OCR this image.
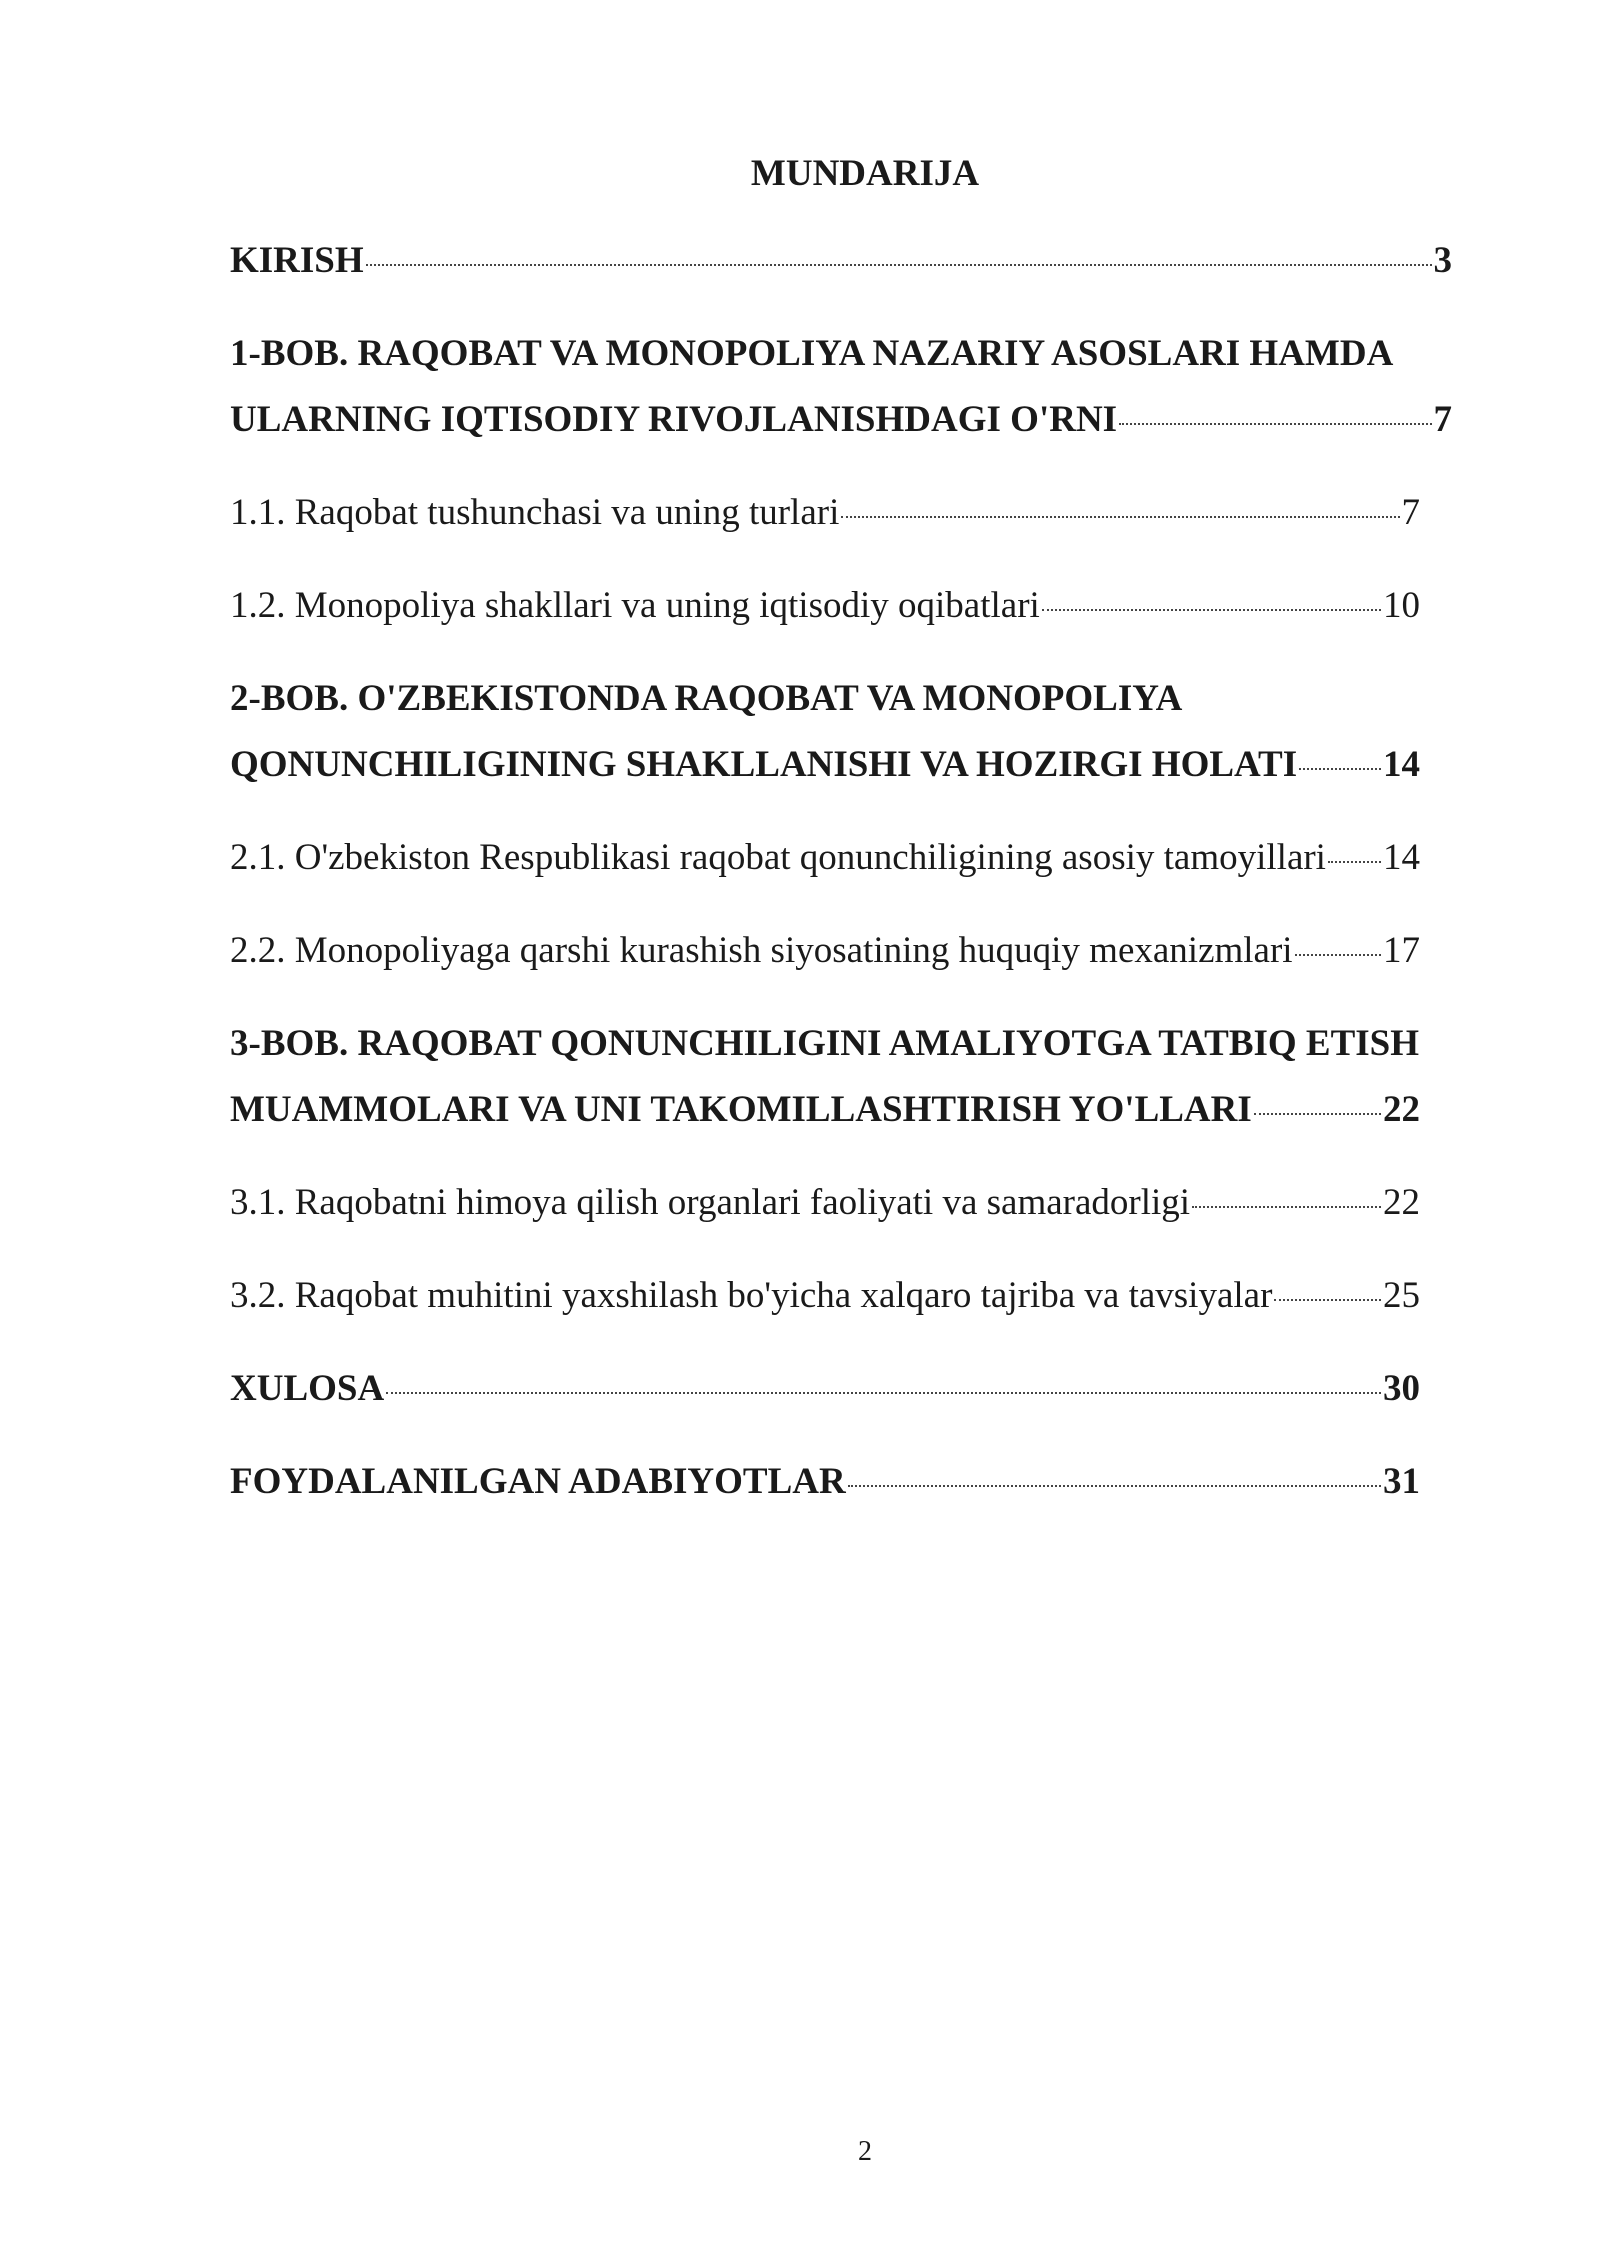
MUNDARIJA
KIRISH	3
1-BOB. RAQOBAT VA MONOPOLIYA NAZARIY ASOSLARI HAMDA
ULARNING IQTISODIY RIVOJLANISHDAGI O'RNI	7
1.1. Raqobat tushunchasi va uning turlari	7
1.2. Monopoliya shakllari va uning iqtisodiy oqibatlari	10
2-BOB. O'ZBEKISTONDA RAQOBAT VA MONOPOLIYA
QONUNCHILIGINING SHAKLLANISHI VA HOZIRGI HOLATI 14
2.1. O'zbekiston Respublikasi raqobat qonunchiligining asosiy tamoyillari 14
2.2. Monopoliyaga qarshi kurashish siyosatining huquqiy mexanizmlari 17
3-BOB. RAQOBAT QONUNCHILIGINI AMALIYOTGA TATBIQ ETISH
MUAMMOLARI VA UNI TAKOMILLASHTIRISH YO'LLARI	22
3.1. Raqobatni himoya qilish organlari faoliyati va samaradorligi	22
3.2. Raqobat muhitini yaxshilash bo'yicha xalqaro tajriba va tavsiyalar	25
XULOSA	30
FOYDALANILGAN ADABIYOTLAR	31
2
